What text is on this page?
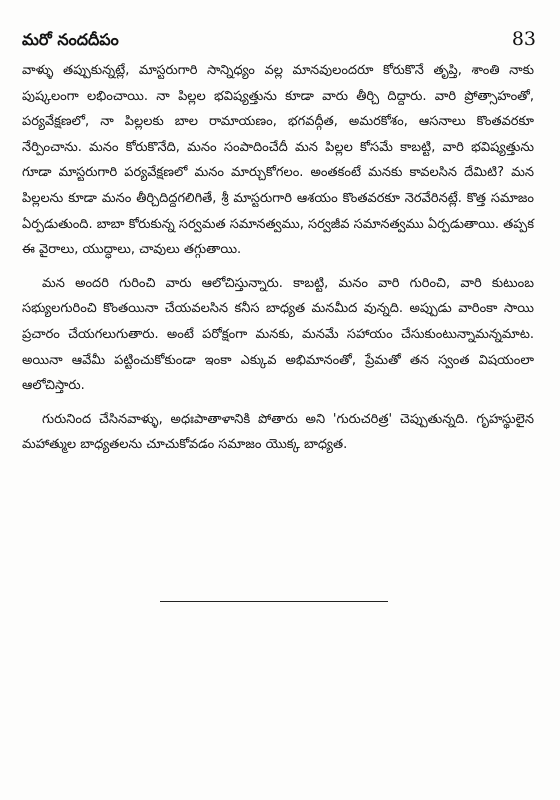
మరో నందదీపం	83

వాళ్ళు తప్పుకున్నట్లే, మాస్టరుగారి సాన్నిధ్యం వల్ల మానవులందరూ కోరుకొనే తృప్తి, శాంతి నాకు పుష్కలంగా లభించాయి. నా పిల్లల భవిష్యత్తును కూడా వారు తీర్చి దిద్దారు. వారి ప్రోత్సాహంతో, పర్యవేక్షణలో, నా పిల్లలకు బాల రామాయణం, భగవద్గీత, అమరకోశం, ఆసనాలు కొంతవరకూ నేర్పించాను. మనం కోరుకొనేది, మనం సంపాదించేదీ మన పిల్లల కోసమే కాబట్టి, వారి భవిష్యత్తును గూడా మాస్టరుగారి పర్యవేక్షణలో మనం మార్చుకోగలం. అంతకంటే మనకు కావలసిన దేమిటి? మన పిల్లలను కూడా మనం తీర్చిదిద్దగలిగితే, శ్రీ మాస్టరుగారి ఆశయం కొంతవరకూ నెరవేరినట్లే. కొత్త సమాజం ఏర్పడుతుంది. బాబా కోరుకున్న సర్వమత సమానత్వము, సర్వజీవ సమానత్వము ఏర్పడుతాయి. తప్పక ఈ వైరాలు, యుద్ధాలు, చావులు తగ్గుతాయి.

మన అందరి గురించి వారు ఆలోచిస్తున్నారు. కాబట్టి, మనం వారి గురించి, వారి కుటుంబ సభ్యులగురించి కొంతయినా చేయవలసిన కనీస బాధ్యత మనమీద వున్నది. అప్పుడు వారింకా సాయి ప్రచారం చేయగలుగుతారు. అంటే పరోక్షంగా మనకు, మనమే సహాయం చేసుకుంటున్నామన్నమాట. అయినా ఆవేమీ పట్టించుకోకుండా ఇంకా ఎక్కువ అభిమానంతో, ప్రేమతో తన స్వంత విషయంలా ఆలోచిస్తారు.

గురునింద చేసినవాళ్ళు, అధఃపాతాళానికి పోతారు అని 'గురుచరిత్ర' చెప్పుతున్నది. గృహస్థులైన మహాత్ముల బాధ్యతలను చూచుకోవడం సమాజం యొక్క బాధ్యత.
